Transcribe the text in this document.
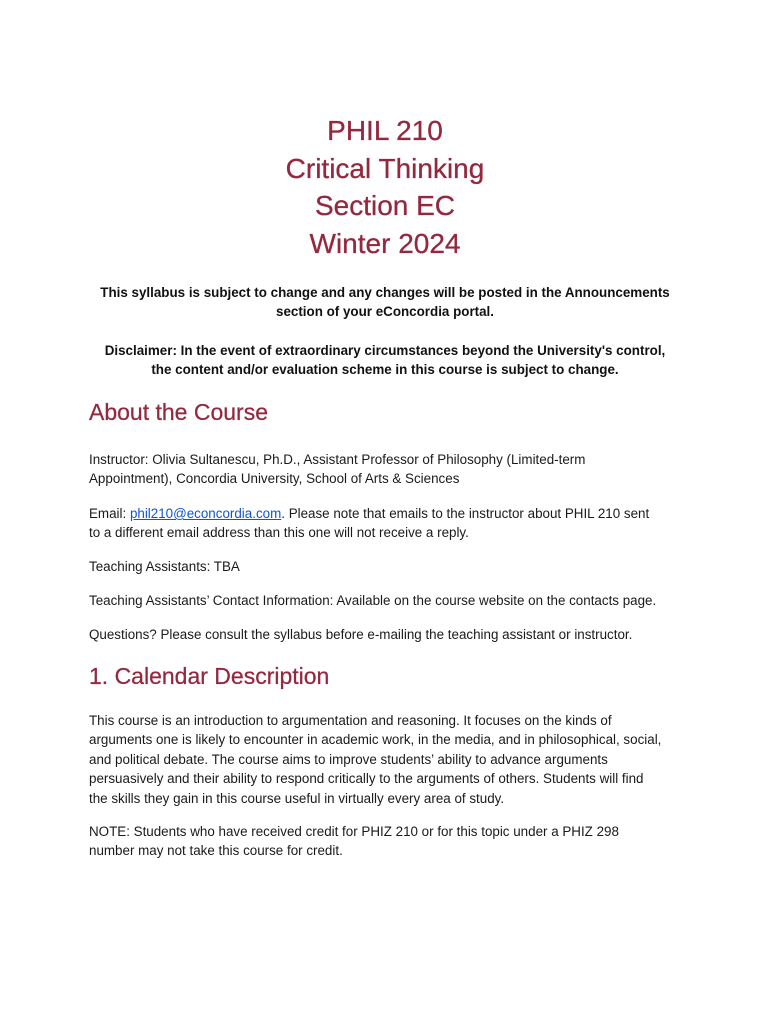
PHIL 210
Critical Thinking
Section EC
Winter 2024
This syllabus is subject to change and any changes will be posted in the Announcements
section of your eConcordia portal.
Disclaimer: In the event of extraordinary circumstances beyond the University's control,
the content and/or evaluation scheme in this course is subject to change.
About the Course
Instructor: Olivia Sultanescu, Ph.D., Assistant Professor of Philosophy (Limited-term
Appointment), Concordia University, School of Arts & Sciences
Email: phil210@econcordia.com. Please note that emails to the instructor about PHIL 210 sent
to a different email address than this one will not receive a reply.
Teaching Assistants: TBA
Teaching Assistants’ Contact Information: Available on the course website on the contacts page.
Questions? Please consult the syllabus before e-mailing the teaching assistant or instructor.
1. Calendar Description
This course is an introduction to argumentation and reasoning. It focuses on the kinds of
arguments one is likely to encounter in academic work, in the media, and in philosophical, social,
and political debate. The course aims to improve students’ ability to advance arguments
persuasively and their ability to respond critically to the arguments of others. Students will find
the skills they gain in this course useful in virtually every area of study.
NOTE: Students who have received credit for PHIZ 210 or for this topic under a PHIZ 298
number may not take this course for credit.
